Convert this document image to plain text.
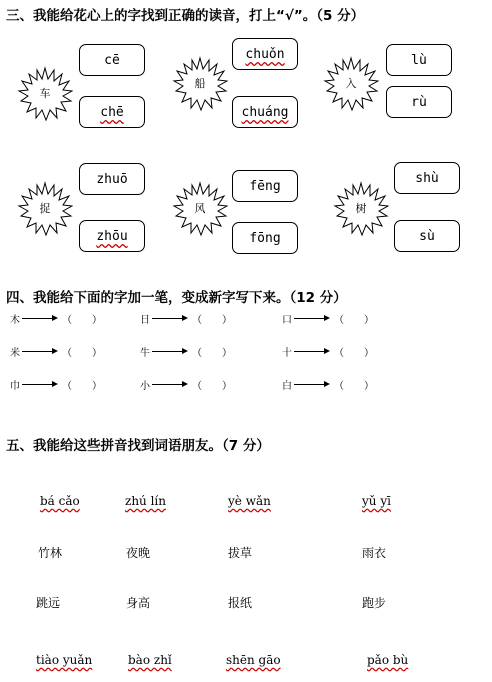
三、我能给花心上的字找到正确的读音，打上“√”。（5 分）
车
cē
chē
船
chuǒn
chuáng
入
lù
rù
捉
zhuō
zhōu
风
fēng
fōng
树
shù
sù
四、我能给下面的字加一笔，变成新字写下来。（12 分）
木	（　　）	日	（　　）	口	（　　）
米	（　　）	牛	（　　）	十	（　　）
巾	（　　）	小	（　　）	白	（　　）
五、我能给这些拼音找到词语朋友。（7 分）
bá cǎo	zhú lín	yè wǎn	yǔ yī
竹林	夜晚	拔草	雨衣
跳远	身高	报纸	跑步
tiào yuǎn	bào zhǐ	shēn gāo	pǎo bù
